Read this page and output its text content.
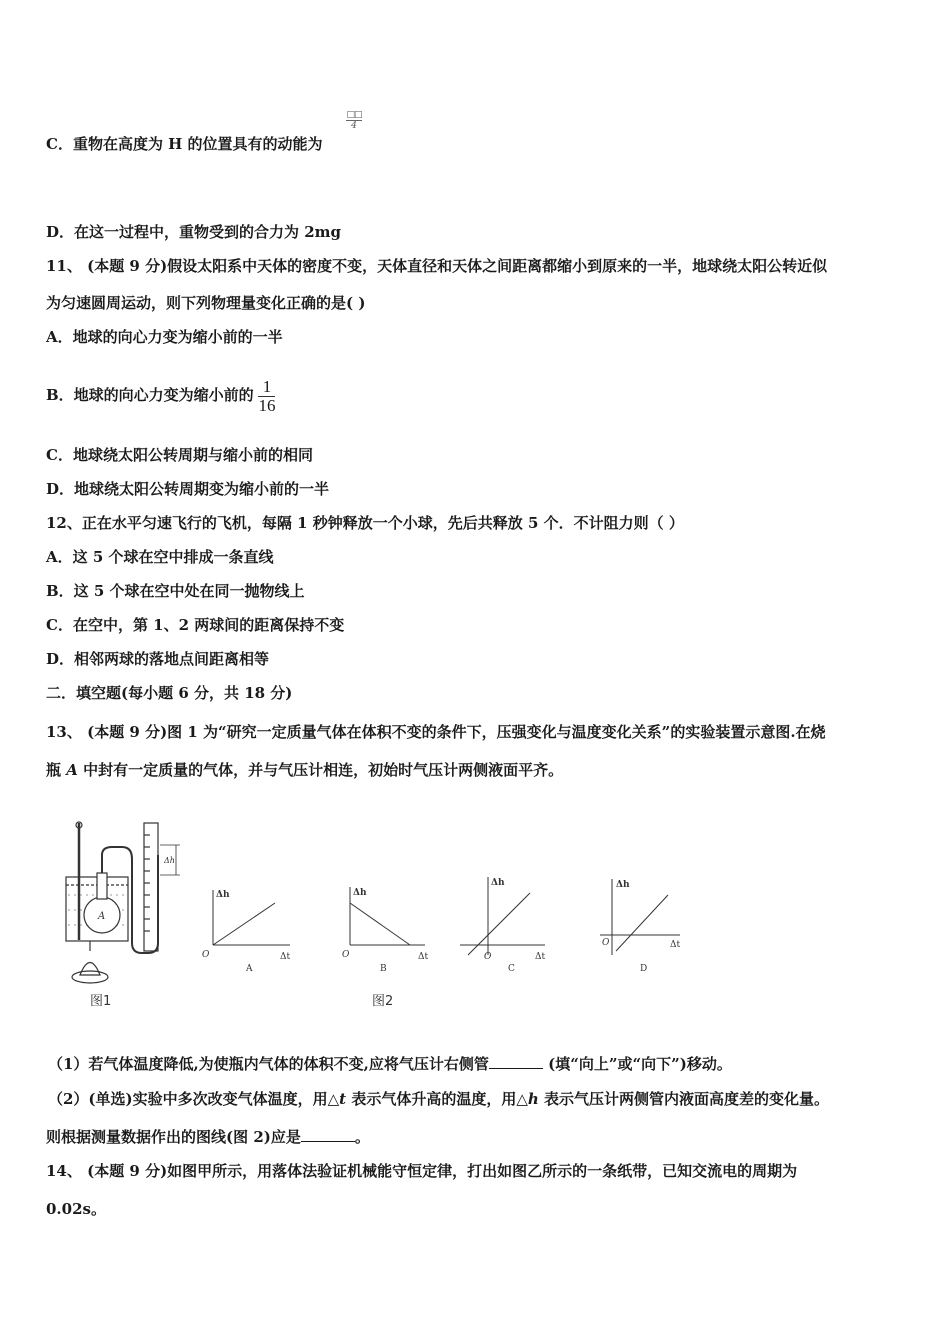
C．重物在高度为 H 的位置具有的动能为
□□
4
D．在这一过程中，重物受到的合力为 2mg
11、 (本题 9 分)假设太阳系中天体的密度不变，天体直径和天体之间距离都缩小到原来的一半，地球绕太阳公转近似
为匀速圆周运动，则下列物理量变化正确的是( )
A．地球的向心力变为缩小前的一半
B．地球的向心力变为缩小前的 $\frac{1}{16}$
C．地球绕太阳公转周期与缩小前的相同
D．地球绕太阳公转周期变为缩小前的一半
12、正在水平匀速飞行的飞机，每隔 1 秒钟释放一个小球，先后共释放 5 个．不计阻力则（ ）
A．这 5 个球在空中排成一条直线
B．这 5 个球在空中处在同一抛物线上
C．在空中，第 1、2 两球间的距离保持不变
D．相邻两球的落地点间距离相等
二．填空题(每小题 6 分，共 18 分)
13、 (本题 9 分)图 1 为“研究一定质量气体在体积不变的条件下，压强变化与温度变化关系”的实验装置示意图.在烧
瓶 A 中封有一定质量的气体，并与气压计相连，初始时气压计两侧液面平齐。
A
Δh
Δh
Δt
O
A
Δh
Δt
O
B
Δh
Δt
O
C
Δh
Δt
O
D
图1	图2
（1）若气体温度降低,为使瓶内气体的体积不变,应将气压计右侧管	(填“向上”或“向下”)移动。
（2）(单选)实验中多次改变气体温度，用△t 表示气体升高的温度，用△h 表示气压计两侧管内液面高度差的变化量。
则根据测量数据作出的图线(图 2)应是	。
14、 (本题 9 分)如图甲所示，用落体法验证机械能守恒定律，打出如图乙所示的一条纸带，已知交流电的周期为
0.02s。
